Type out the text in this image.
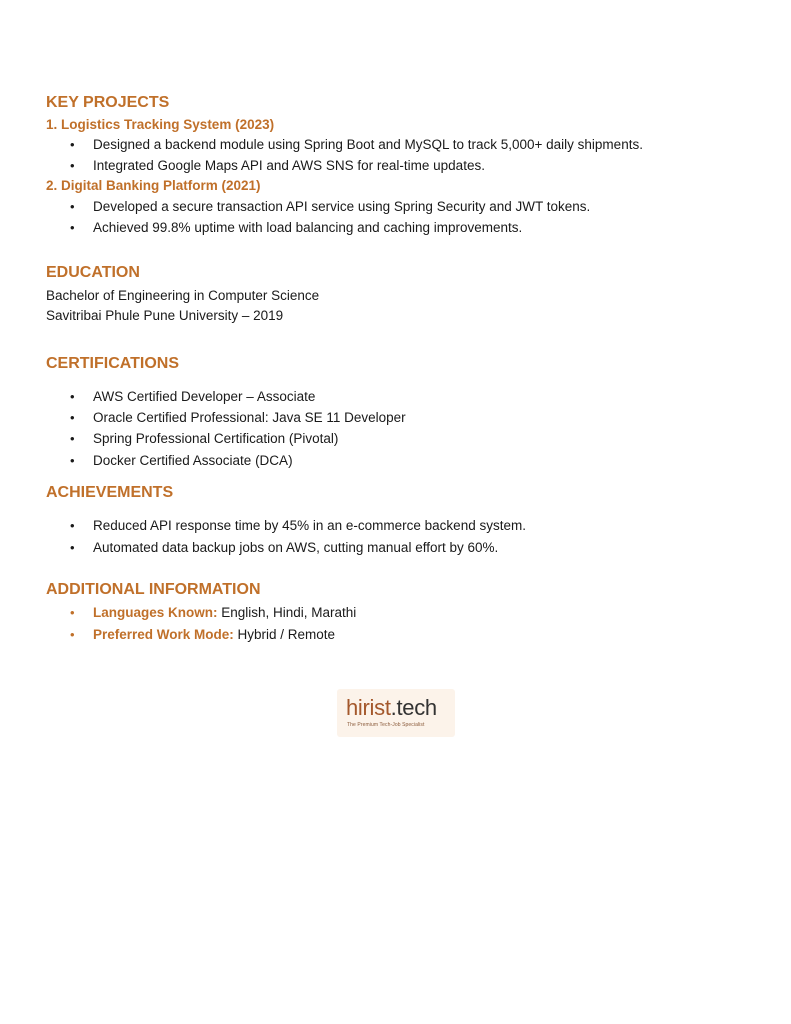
KEY PROJECTS
1. Logistics Tracking System (2023)
• Designed a backend module using Spring Boot and MySQL to track 5,000+ daily shipments.
• Integrated Google Maps API and AWS SNS for real-time updates.
2. Digital Banking Platform (2021)
• Developed a secure transaction API service using Spring Security and JWT tokens.
• Achieved 99.8% uptime with load balancing and caching improvements.
EDUCATION
Bachelor of Engineering in Computer Science
Savitribai Phule Pune University – 2019
CERTIFICATIONS
• AWS Certified Developer – Associate
• Oracle Certified Professional: Java SE 11 Developer
• Spring Professional Certification (Pivotal)
• Docker Certified Associate (DCA)
ACHIEVEMENTS
• Reduced API response time by 45% in an e-commerce backend system.
• Automated data backup jobs on AWS, cutting manual effort by 60%.
ADDITIONAL INFORMATION
• Languages Known: English, Hindi, Marathi
• Preferred Work Mode: Hybrid / Remote
hirist.tech
The Premium Tech-Job Specialist
